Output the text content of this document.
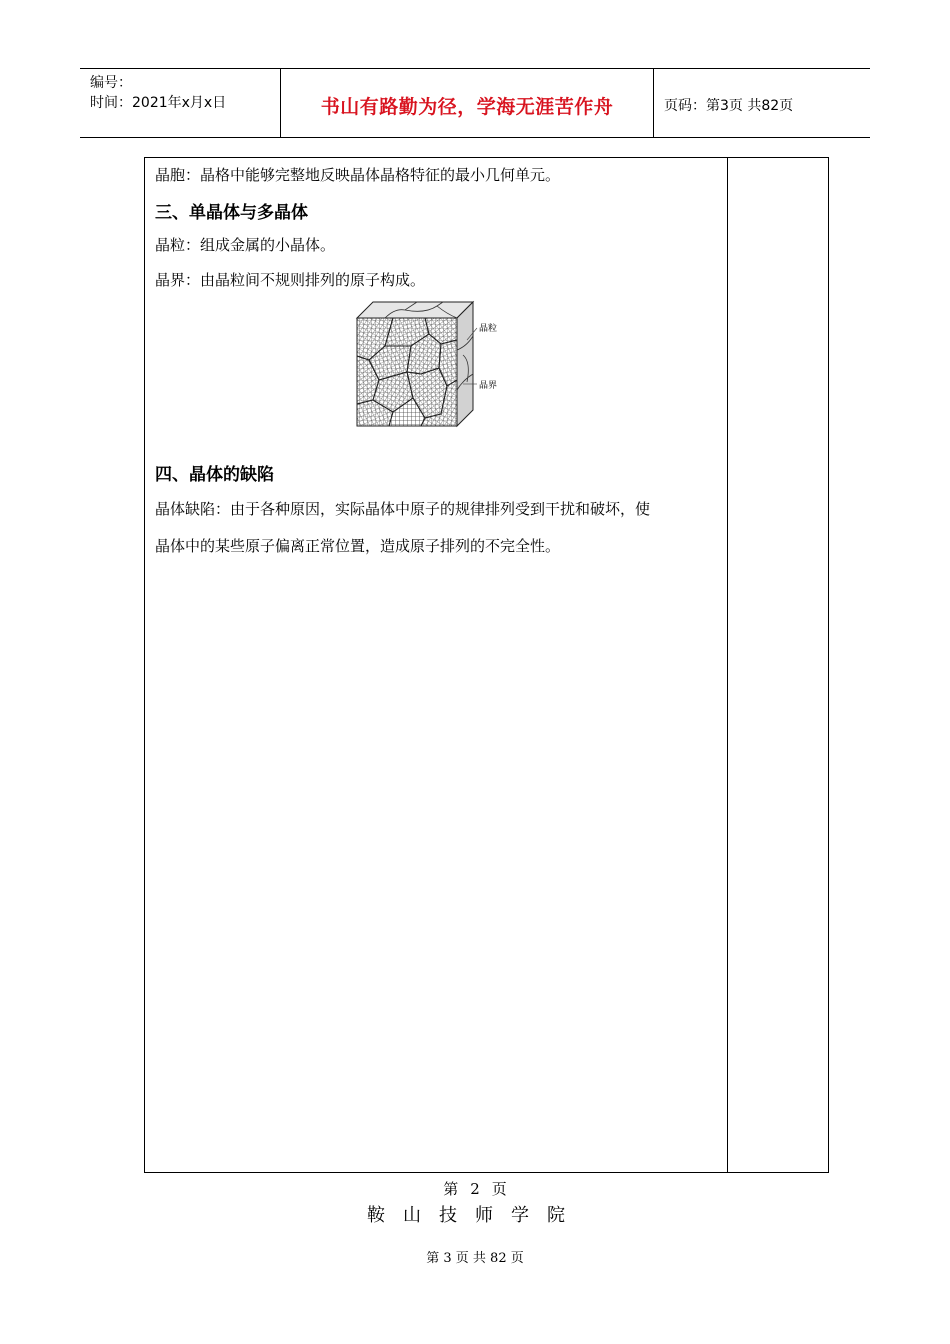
编号：
时间：2021年x月x日	书山有路勤为径，学海无涯苦作舟	页码：第3页 共82页
晶胞：晶格中能够完整地反映晶体晶格特征的最小几何单元。
三、单晶体与多晶体
晶粒：组成金属的小晶体。
晶界：由晶粒间不规则排列的原子构成。
晶粒
晶界
四、晶体的缺陷
晶体缺陷：由于各种原因，实际晶体中原子的规律排列受到干扰和破坏，使
晶体中的某些原子偏离正常位置，造成原子排列的不完全性。
第 2 页
鞍山技师学院
第 3 页 共 82 页
